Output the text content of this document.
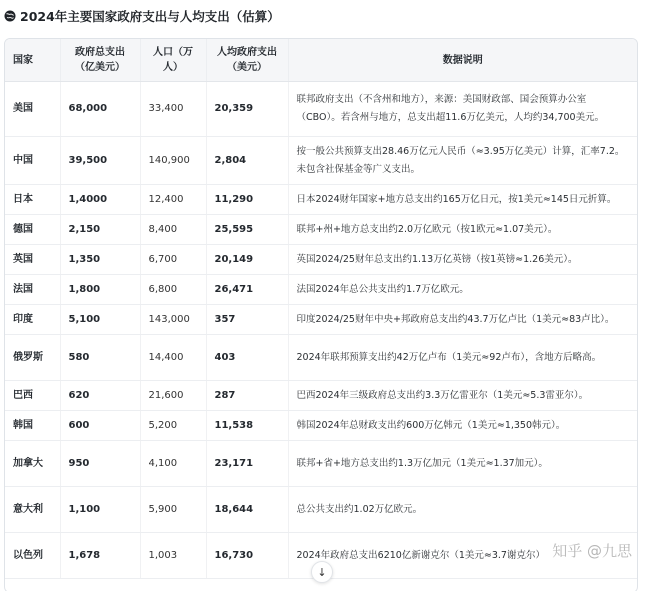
2024年主要国家政府支出与人均支出（估算）
国家	政府总支出（亿美元）	人口（万人）	人均政府支出（美元）	数据说明
美国	68,000	33,400	20,359	联邦政府支出（不含州和地方），来源：美国财政部、国会预算办公室（CBO）。若含州与地方，总支出超11.6万亿美元，人均约34,700美元。
中国	39,500	140,900	2,804	按一般公共预算支出28.46万亿元人民币（≈3.95万亿美元）计算，汇率7.2。未包含社保基金等广义支出。
日本	1,4000	12,400	11,290	日本2024财年国家+地方总支出约165万亿日元，按1美元≈145日元折算。
德国	2,150	8,400	25,595	联邦+州+地方总支出约2.0万亿欧元（按1欧元≈1.07美元）。
英国	1,350	6,700	20,149	英国2024/25财年总支出约1.13万亿英镑（按1英镑≈1.26美元）。
法国	1,800	6,800	26,471	法国2024年总公共支出约1.7万亿欧元。
印度	5,100	143,000	357	印度2024/25财年中央+邦政府总支出约43.7万亿卢比（1美元≈83卢比）。
俄罗斯	580	14,400	403	2024年联邦预算支出约42万亿卢布（1美元≈92卢布），含地方后略高。
巴西	620	21,600	287	巴西2024年三级政府总支出约3.3万亿雷亚尔（1美元≈5.3雷亚尔）。
韩国	600	5,200	11,538	韩国2024年总财政支出约600万亿韩元（1美元≈1,350韩元）。
加拿大	950	4,100	23,171	联邦+省+地方总支出约1.3万亿加元（1美元≈1.37加元）。
意大利	1,100	5,900	18,644	总公共支出约1.02万亿欧元。
以色列	1,678	1,003	16,730	2024年政府总支出6210亿新谢克尔（1美元≈3.7谢克尔） 知乎 @九思
↓
